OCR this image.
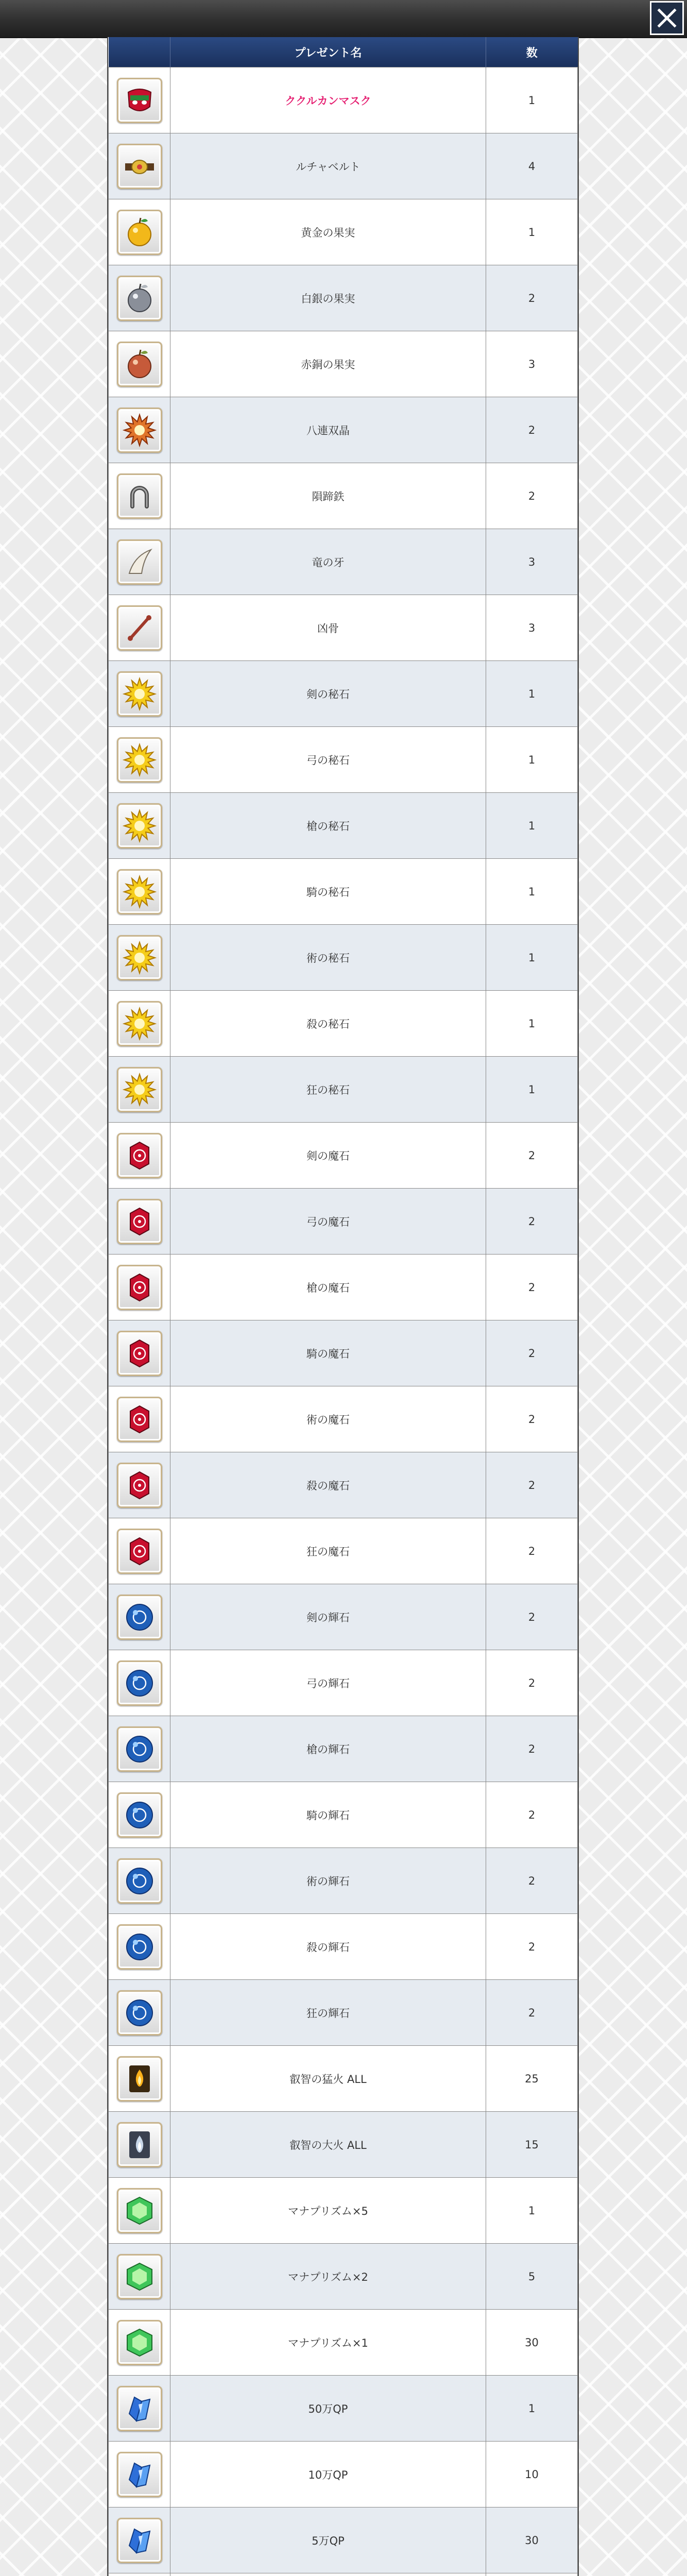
	プレゼント名	数

	ククルカンマスク	1

	ルチャベルト	4

	黄金の果実	1

	白銀の果実	2

	赤銅の果実	3

	八連双晶	2

	隕蹄鉄	2

	竜の牙	3

	凶骨	3

	剣の秘石	1

	弓の秘石	1

	槍の秘石	1

	騎の秘石	1

	術の秘石	1

	殺の秘石	1

	狂の秘石	1

	剣の魔石	2

	弓の魔石	2

	槍の魔石	2

	騎の魔石	2

	術の魔石	2

	殺の魔石	2

	狂の魔石	2

	剣の輝石	2

	弓の輝石	2

	槍の輝石	2

	騎の輝石	2

	術の輝石	2

	殺の輝石	2

	狂の輝石	2

	叡智の猛火 ALL	25

	叡智の大火 ALL	15

	マナプリズム×5	1

	マナプリズム×2	5

	マナプリズム×1	30

	50万QP	1

	10万QP	10

	5万QP	30
